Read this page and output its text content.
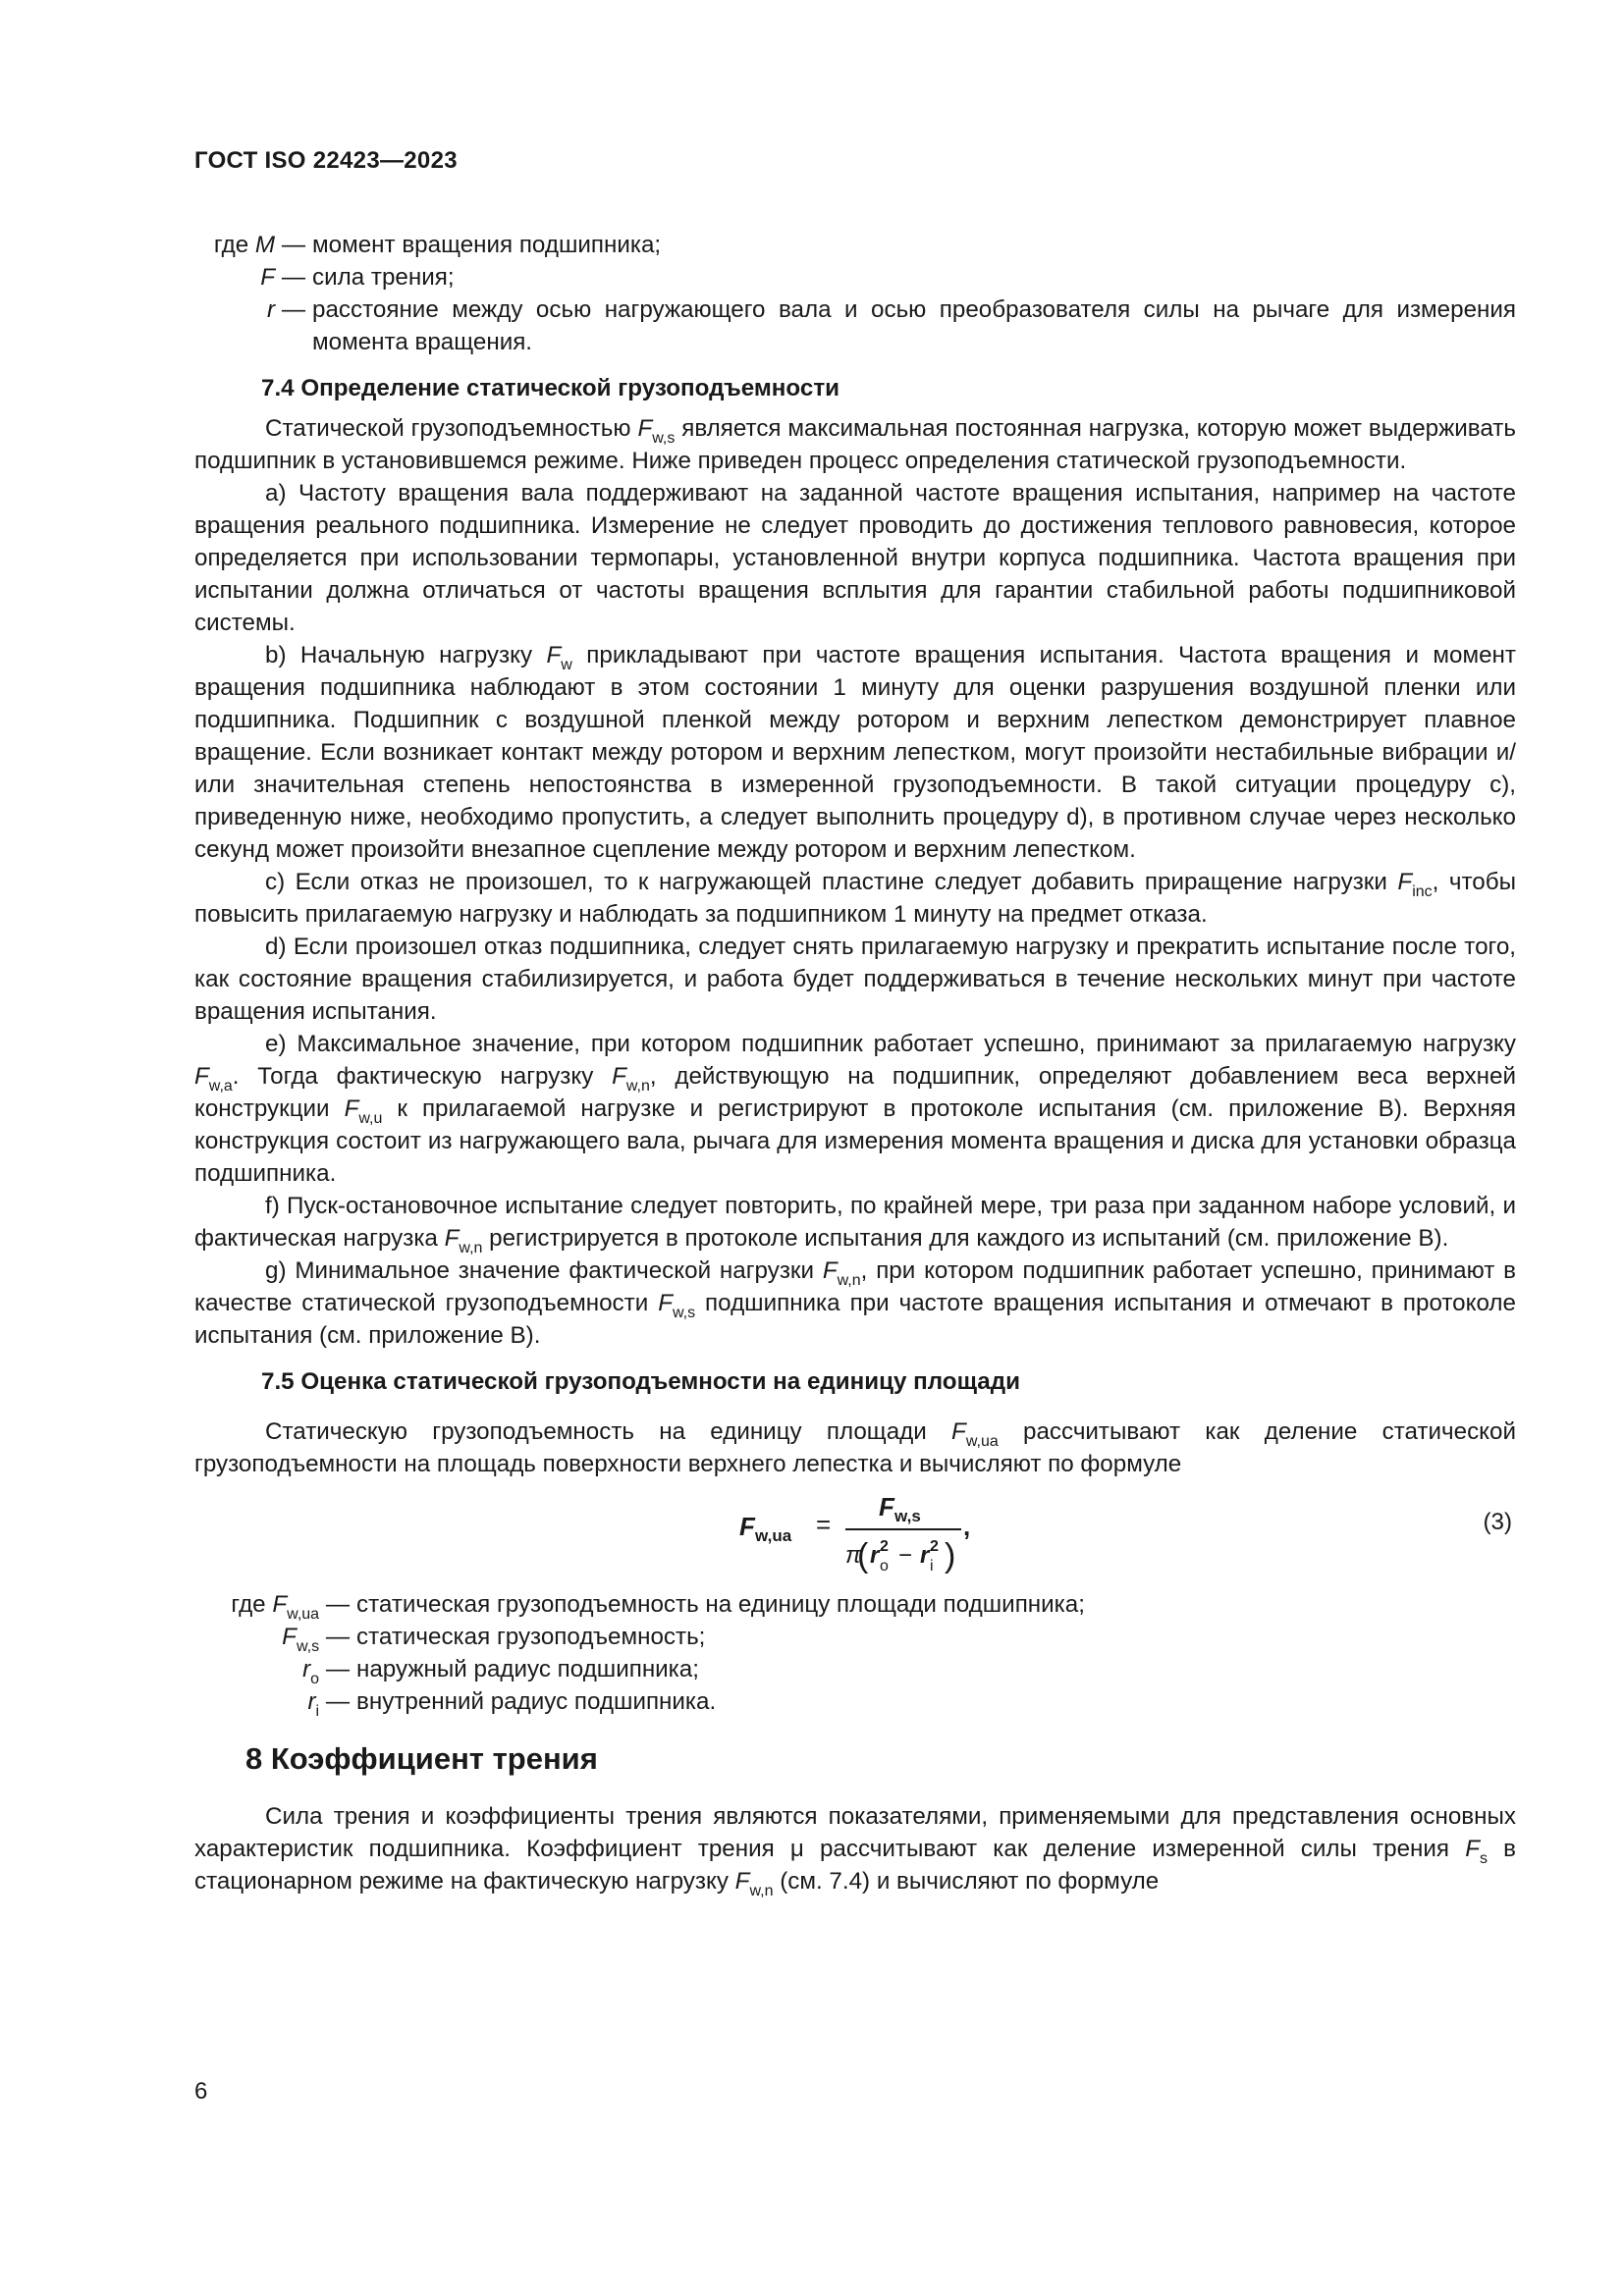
ГОСТ ISO 22423—2023
где M — момент вращения подшипника;
F — сила трения;
r — расстояние между осью нагружающего вала и осью преобразователя силы на рычаге для измерения момента вращения.

7.4 Определение статической грузоподъемности

Статической грузоподъемностью $F_{w,s}$ является максимальная постоянная нагрузка, которую может выдерживать подшипник в установившемся режиме. Ниже приведен процесс определения статической грузоподъемности.

a) Частоту вращения вала поддерживают на заданной частоте вращения испытания, например на частоте вращения реального подшипника. Измерение не следует проводить до достижения теплового равновесия, которое определяется при использовании термопары, установленной внутри корпуса подшипника. Частота вращения при испытании должна отличаться от частоты вращения всплытия для гарантии стабильной работы подшипниковой системы.

b) Начальную нагрузку $F_w$ прикладывают при частоте вращения испытания. Частота вращения и момент вращения подшипника наблюдают в этом состоянии 1 минуту для оценки разрушения воздушной пленки или подшипника. Подшипник с воздушной пленкой между ротором и верхним лепестком демонстрирует плавное вращение. Если возникает контакт между ротором и верхним лепестком, могут произойти нестабильные вибрации и/или значительная степень непостоянства в измеренной грузоподъемности. В такой ситуации процедуру c), приведенную ниже, необходимо пропустить, а следует выполнить процедуру d), в противном случае через несколько секунд может произойти внезапное сцепление между ротором и верхним лепестком.

c) Если отказ не произошел, то к нагружающей пластине следует добавить приращение нагрузки $F_{inc}$, чтобы повысить прилагаемую нагрузку и наблюдать за подшипником 1 минуту на предмет отказа.

d) Если произошел отказ подшипника, следует снять прилагаемую нагрузку и прекратить испытание после того, как состояние вращения стабилизируется, и работа будет поддерживаться в течение нескольких минут при частоте вращения испытания.

e) Максимальное значение, при котором подшипник работает успешно, принимают за прилагаемую нагрузку $F_{w,a}$. Тогда фактическую нагрузку $F_{w,n}$, действующую на подшипник, определяют добавлением веса верхней конструкции $F_{w,u}$ к прилагаемой нагрузке и регистрируют в протоколе испытания (см. приложение В). Верхняя конструкция состоит из нагружающего вала, рычага для измерения момента вращения и диска для установки образца подшипника.

f) Пуск-остановочное испытание следует повторить, по крайней мере, три раза при заданном наборе условий, и фактическая нагрузка $F_{w,n}$ регистрируется в протоколе испытания для каждого из испытаний (см. приложение В).

g) Минимальное значение фактической нагрузки $F_{w,n}$, при котором подшипник работает успешно, принимают в качестве статической грузоподъемности $F_{w,s}$ подшипника при частоте вращения испытания и отмечают в протоколе испытания (см. приложение В).

7.5 Оценка статической грузоподъемности на единицу площади

Статическую грузоподъемность на единицу площади $F_{w,ua}$ рассчитывают как деление статической грузоподъемности на площадь поверхности верхнего лепестка и вычисляют по формуле

F w,ua =
F w,s
π
( r 2
o − r 2
i )
,	(3)
где $F_{w,ua}$ — статическая грузоподъемность на единицу площади подшипника;
$F_{w,s}$ — статическая грузоподъемность;
$r_o$ — наружный радиус подшипника;
$r_i$ — внутренний радиус подшипника.

8 Коэффициент трения

Сила трения и коэффициенты трения являются показателями, применяемыми для представления основных характеристик подшипника. Коэффициент трения μ рассчитывают как деление измеренной силы трения $F_s$ в стационарном режиме на фактическую нагрузку $F_{w,n}$ (см. 7.4) и вычисляют по формуле

6
